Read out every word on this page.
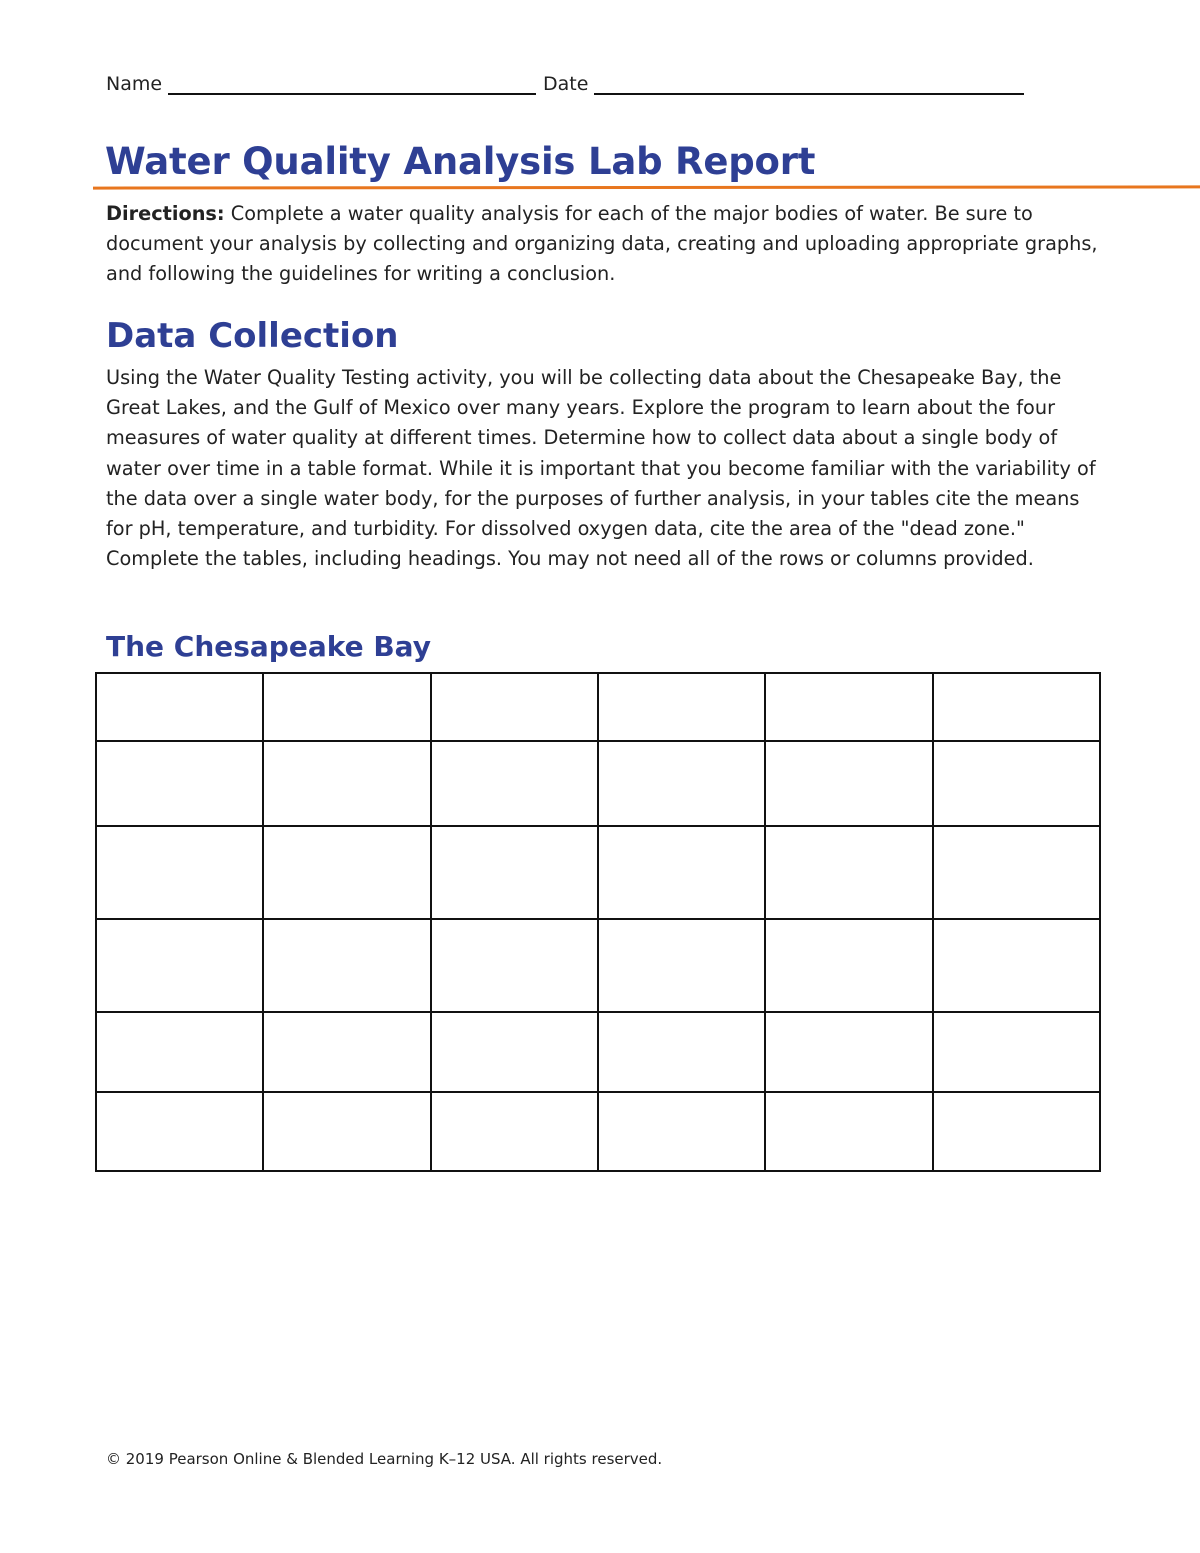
Name	Date
Water Quality Analysis Lab Report
Directions: Complete a water quality analysis for each of the major bodies of water. Be sure to document your analysis by collecting and organizing data, creating and uploading appropriate graphs, and following the guidelines for writing a conclusion.
Data Collection
Using the Water Quality Testing activity, you will be collecting data about the Chesapeake Bay, the Great Lakes, and the Gulf of Mexico over many years. Explore the program to learn about the four measures of water quality at different times. Determine how to collect data about a single body of water over time in a table format. While it is important that you become familiar with the variability of the data over a single water body, for the purposes of further analysis, in your tables cite the means for pH, temperature, and turbidity. For dissolved oxygen data, cite the area of the "dead zone." Complete the tables, including headings. You may not need all of the rows or columns provided.
The Chesapeake Bay

© 2019 Pearson Online & Blended Learning K–12 USA. All rights reserved.
